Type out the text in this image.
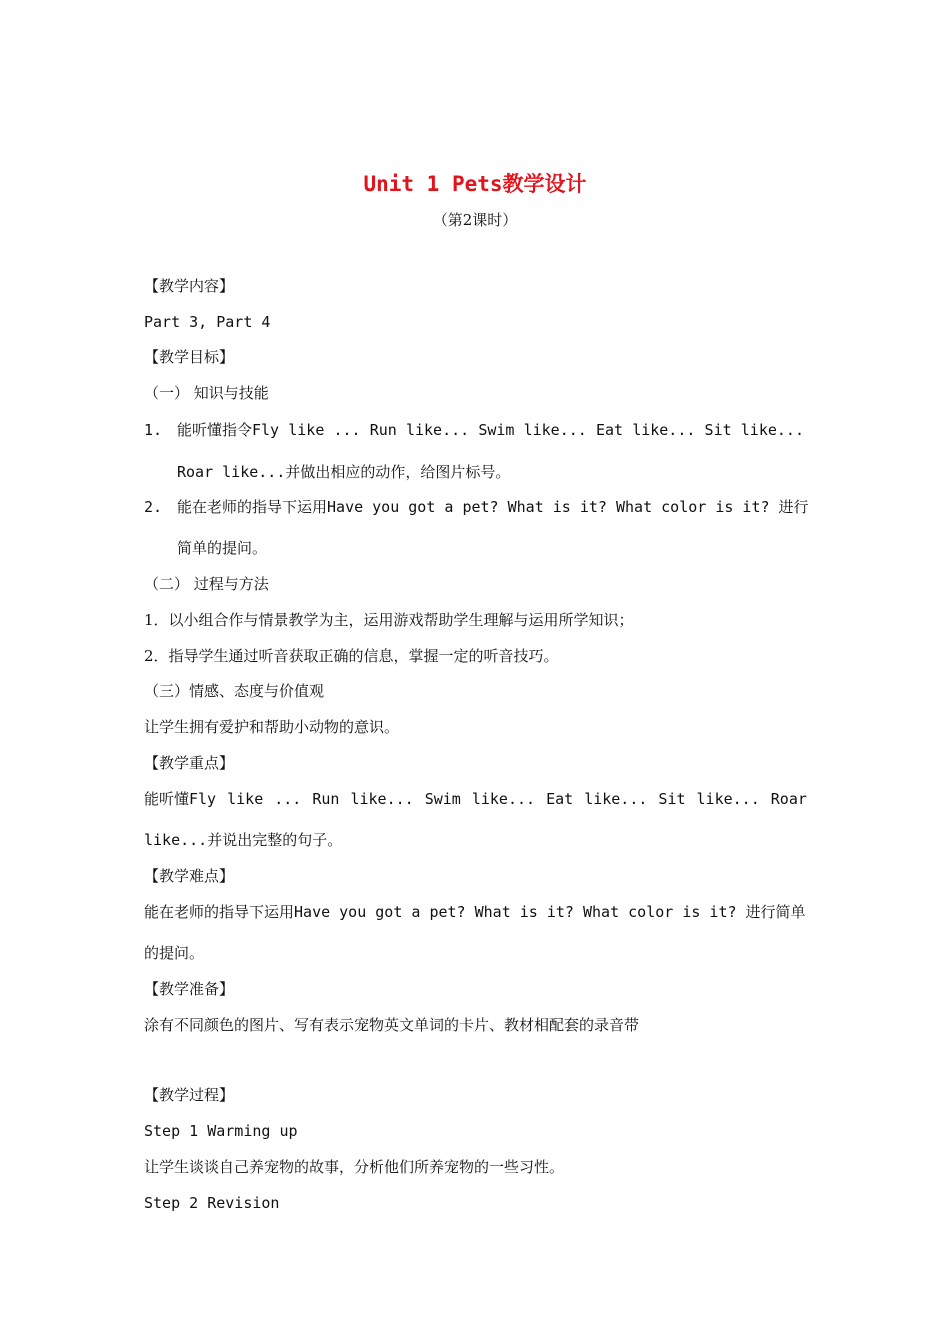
Unit 1 Pets教学设计
（第2课时）
【教学内容】
Part 3, Part 4
【教学目标】
（一） 知识与技能
1. 能听懂指令Fly like ... Run like... Swim like... Eat like... Sit like...
Roar like...并做出相应的动作，给图片标号。
2. 能在老师的指导下运用Have you got a pet? What is it? What color is it? 进行
简单的提问。
（二） 过程与方法
1．以小组合作与情景教学为主，运用游戏帮助学生理解与运用所学知识；
2．指导学生通过听音获取正确的信息，掌握一定的听音技巧。
（三）情感、态度与价值观
让学生拥有爱护和帮助小动物的意识。
【教学重点】
能听懂Fly like ... Run like... Swim like... Eat like... Sit like... Roar
like...并说出完整的句子。
【教学难点】
能在老师的指导下运用Have you got a pet? What is it? What color is it? 进行简单
的提问。
【教学准备】
涂有不同颜色的图片、写有表示宠物英文单词的卡片、教材相配套的录音带
【教学过程】
Step 1 Warming up
让学生谈谈自己养宠物的故事，分析他们所养宠物的一些习性。
Step 2 Revision
